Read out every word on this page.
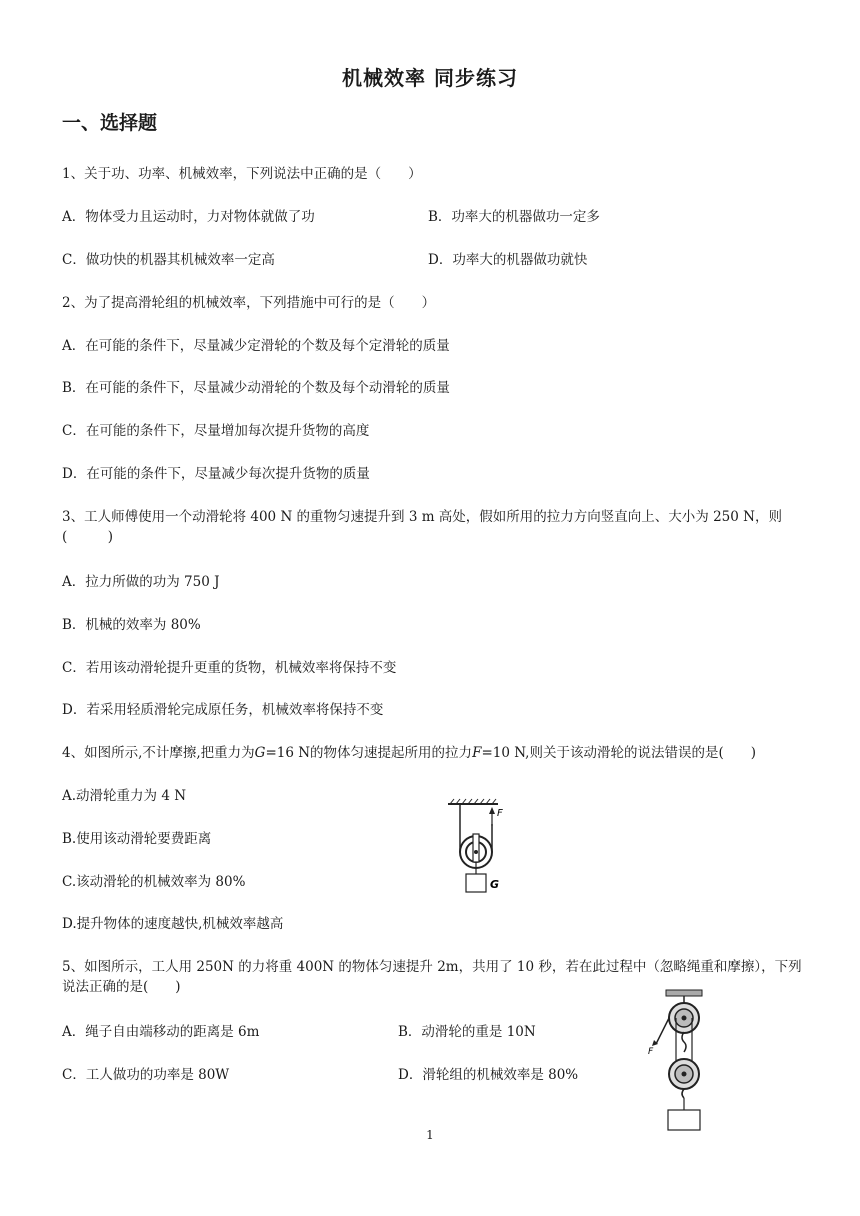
机械效率 同步练习
一、选择题
1、关于功、功率、机械效率，下列说法中正确的是（　　）
A．物体受力且运动时，力对物体就做了功	B．功率大的机器做功一定多
C．做功快的机器其机械效率一定高	D．功率大的机器做功就快
2、为了提高滑轮组的机械效率，下列措施中可行的是（　　）
A．在可能的条件下，尽量减少定滑轮的个数及每个定滑轮的质量
B．在可能的条件下，尽量减少动滑轮的个数及每个动滑轮的质量
C．在可能的条件下，尽量增加每次提升货物的高度
D．在可能的条件下，尽量减少每次提升货物的质量
3、工人师傅使用一个动滑轮将 400 N 的重物匀速提升到 3 m 高处，假如所用的拉力方向竖直向上、大小为 250 N，则(　　　)
A．拉力所做的功为 750 J
B．机械的效率为 80%
C．若用该动滑轮提升更重的货物，机械效率将保持不变
D．若采用轻质滑轮完成原任务，机械效率将保持不变
4、如图所示,不计摩擦,把重力为G=16 N的物体匀速提起所用的拉力F=10 N,则关于该动滑轮的说法错误的是(　　)
A.动滑轮重力为 4 N
B.使用该动滑轮要费距离
C.该动滑轮的机械效率为 80%
D.提升物体的速度越快,机械效率越高
F
G
5、如图所示，工人用 250N 的力将重 400N 的物体匀速提升 2m，共用了 10 秒，若在此过程中（忽略绳重和摩擦），下列说法正确的是(　　)
A．绳子自由端移动的距离是 6m	B．动滑轮的重是 10N
C．工人做功的功率是 80W	D．滑轮组的机械效率是 80%
F
1
